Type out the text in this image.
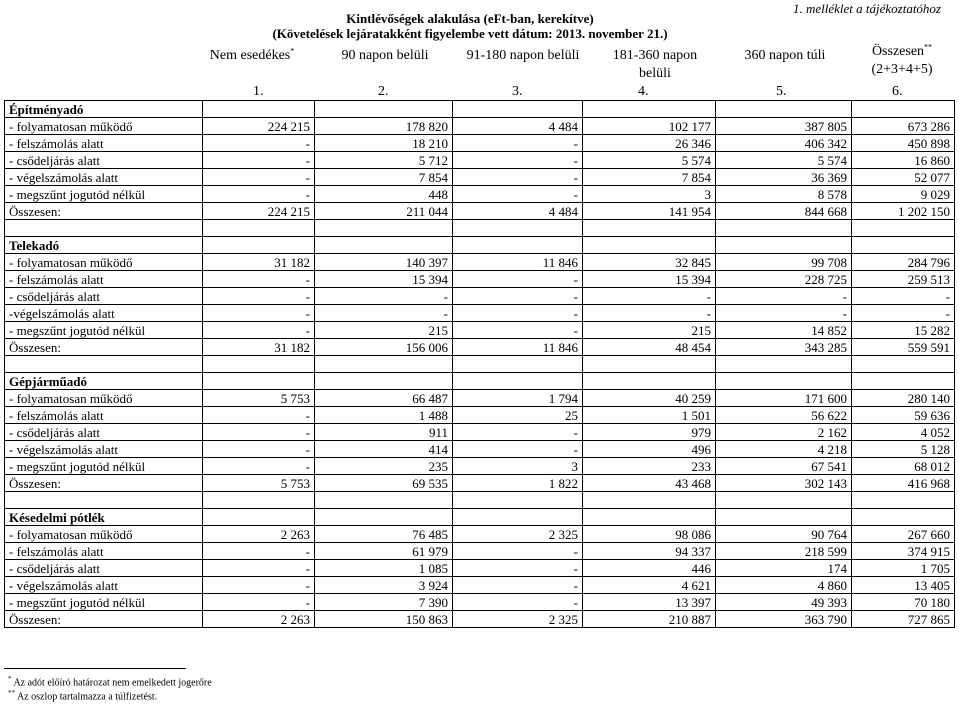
1. melléklet a tájékoztatóhoz
Kintlévőségek alakulása (eFt-ban, kerekítve)
(Követelések lejáratakként figyelembe vett dátum: 2013. november 21.)
Nem esedékes*	90 napon belüli	91-180 napon belüli	181-360 napon
belüli
360 napon túli	Összesen**
(2+3+4+5)
1.	2.	3.	4.	5.	6.
Építményadó						
- folyamatosan működő	224 215	178 820	4 484	102 177	387 805	673 286
- felszámolás alatt	-	18 210	-	26 346	406 342	450 898
- csődeljárás alatt	-	5 712	-	5 574	5 574	16 860
- végelszámolás alatt	-	7 854	-	7 854	36 369	52 077
- megszűnt jogutód nélkül	-	448	-	3	8 578	9 029
Összesen:	224 215	211 044	4 484	141 954	844 668	1 202 150

Telekadó						
- folyamatosan működő	31 182	140 397	11 846	32 845	99 708	284 796
- felszámolás alatt	-	15 394	-	15 394	228 725	259 513
- csődeljárás alatt	-	-	-	-	-	-
-végelszámolás alatt	-	-	-	-	-	-
- megszűnt jogutód nélkül	-	215	-	215	14 852	15 282
Összesen:	31 182	156 006	11 846	48 454	343 285	559 591

Gépjárműadó						
- folyamatosan működő	5 753	66 487	1 794	40 259	171 600	280 140
- felszámolás alatt	-	1 488	25	1 501	56 622	59 636
- csődeljárás alatt	-	911	-	979	2 162	4 052
- végelszámolás alatt	-	414	-	496	4 218	5 128
- megszűnt jogutód nélkül	-	235	3	233	67 541	68 012
Összesen:	5 753	69 535	1 822	43 468	302 143	416 968

Késedelmi pótlék						
- folyamatosan működő	2 263	76 485	2 325	98 086	90 764	267 660
- felszámolás alatt	-	61 979	-	94 337	218 599	374 915
- csődeljárás alatt	-	1 085	-	446	174	1 705
- végelszámolás alatt	-	3 924	-	4 621	4 860	13 405
- megszűnt jogutód nélkül	-	7 390	-	13 397	49 393	70 180
Összesen:	2 263	150 863	2 325	210 887	363 790	727 865
* Az adót előíró határozat nem emelkedett jogerőre
** Az oszlop tartalmazza a túlfizetést.
